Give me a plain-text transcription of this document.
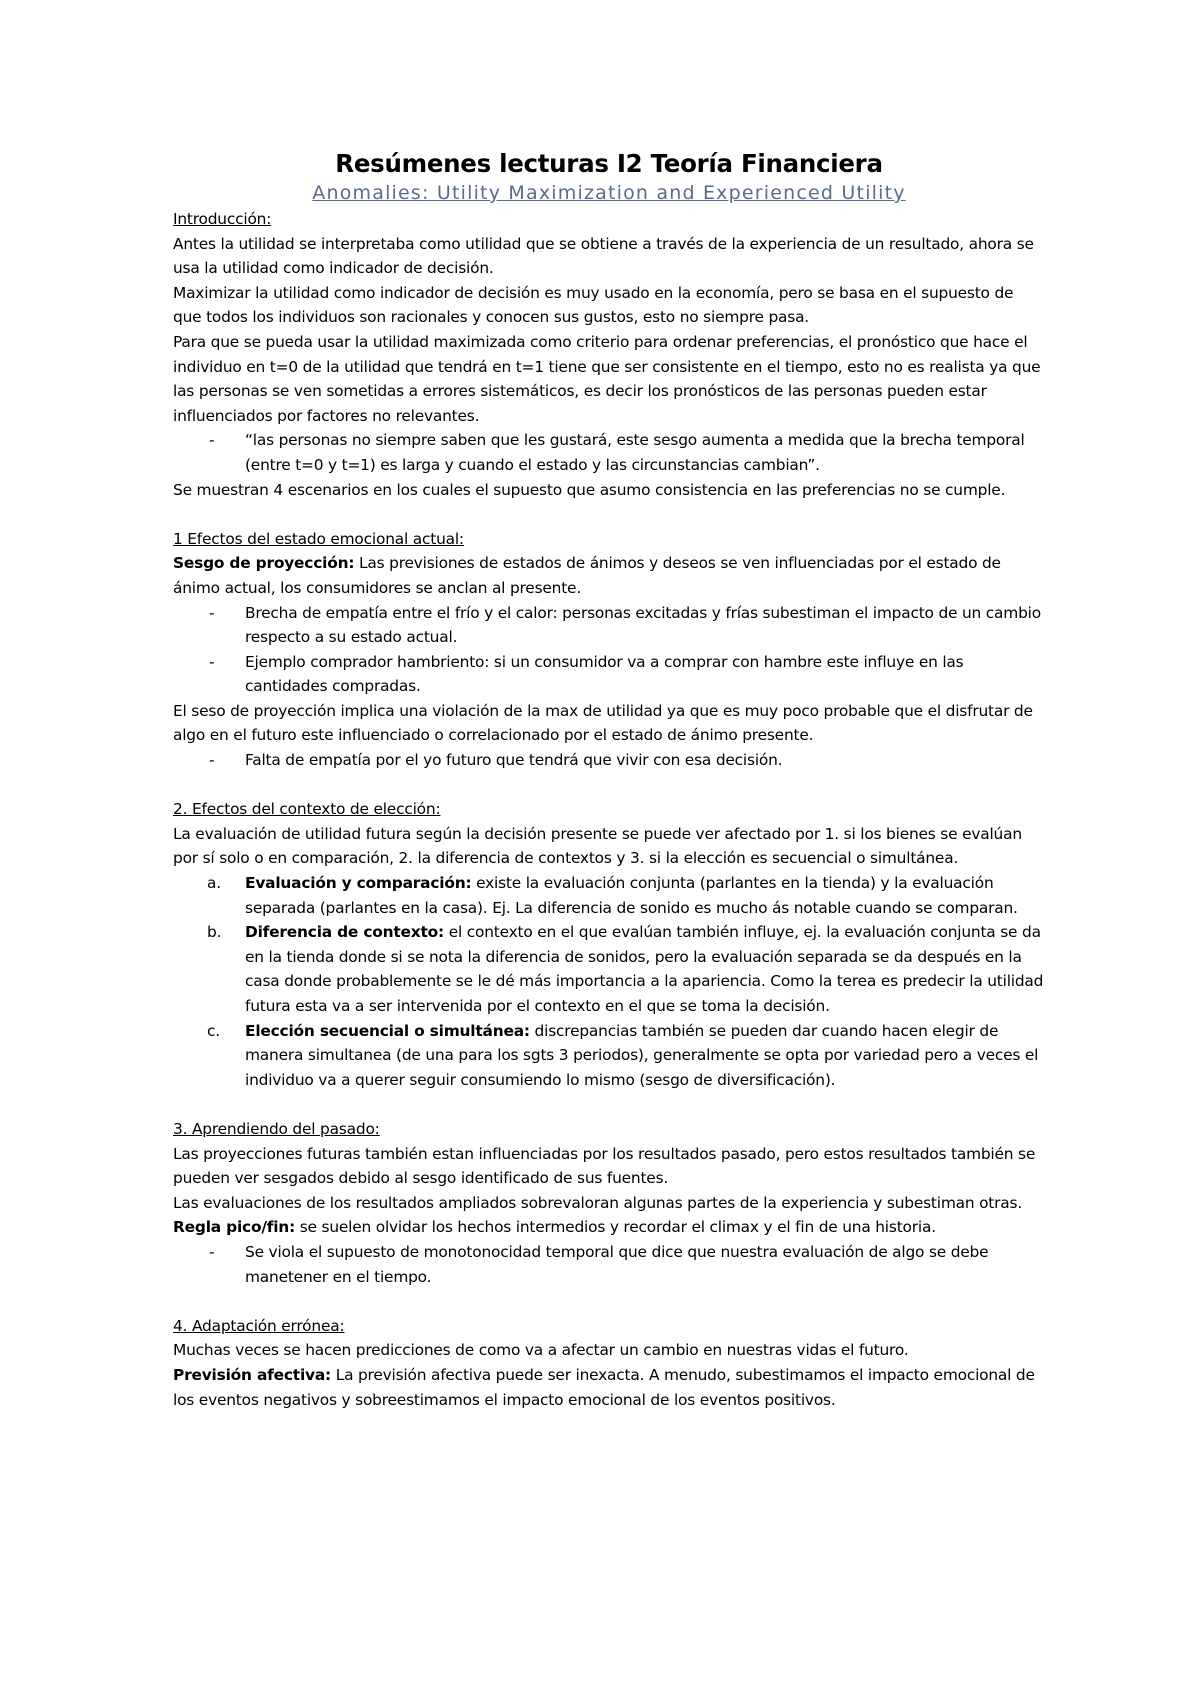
Resúmenes lecturas I2 Teoría Financiera
Anomalies: Utility Maximization and Experienced Utility

Introducción:

Antes la utilidad se interpretaba como utilidad que se obtiene a través de la experiencia de un resultado, ahora se usa la utilidad como indicador de decisión.

Maximizar la utilidad como indicador de decisión es muy usado en la economía, pero se basa en el supuesto de que todos los individuos son racionales y conocen sus gustos, esto no siempre pasa.

Para que se pueda usar la utilidad maximizada como criterio para ordenar preferencias, el pronóstico que hace el individuo en t=0 de la utilidad que tendrá en t=1 tiene que ser consistente en el tiempo, esto no es realista ya que las personas se ven sometidas a errores sistemáticos, es decir los pronósticos de las personas pueden estar influenciados por factores no relevantes.

- “las personas no siempre saben que les gustará, este sesgo aumenta a medida que la brecha temporal (entre t=0 y t=1) es larga y cuando el estado y las circunstancias cambian”.

Se muestran 4 escenarios en los cuales el supuesto que asumo consistencia en las preferencias no se cumple.

1 Efectos del estado emocional actual:

Sesgo de proyección: Las previsiones de estados de ánimos y deseos se ven influenciadas por el estado de ánimo actual, los consumidores se anclan al presente.

- Brecha de empatía entre el frío y el calor: personas excitadas y frías subestiman el impacto de un cambio respecto a su estado actual.
- Ejemplo comprador hambriento: si un consumidor va a comprar con hambre este influye en las cantidades compradas.

El seso de proyección implica una violación de la max de utilidad ya que es muy poco probable que el disfrutar de algo en el futuro este influenciado o correlacionado por el estado de ánimo presente.

- Falta de empatía por el yo futuro que tendrá que vivir con esa decisión.

2. Efectos del contexto de elección:

La evaluación de utilidad futura según la decisión presente se puede ver afectado por 1. si los bienes se evalúan por sí solo o en comparación, 2. la diferencia de contextos y 3. si la elección es secuencial o simultánea.

a. Evaluación y comparación: existe la evaluación conjunta (parlantes en la tienda) y la evaluación separada (parlantes en la casa). Ej. La diferencia de sonido es mucho ás notable cuando se comparan.
b. Diferencia de contexto: el contexto en el que evalúan también influye, ej. la evaluación conjunta se da en la tienda donde si se nota la diferencia de sonidos, pero la evaluación separada se da después en la casa donde probablemente se le dé más importancia a la apariencia. Como la terea es predecir la utilidad futura esta va a ser intervenida por el contexto en el que se toma la decisión.
c. Elección secuencial o simultánea: discrepancias también se pueden dar cuando hacen elegir de manera simultanea (de una para los sgts 3 periodos), generalmente se opta por variedad pero a veces el individuo va a querer seguir consumiendo lo mismo (sesgo de diversificación).

3. Aprendiendo del pasado:

Las proyecciones futuras también estan influenciadas por los resultados pasado, pero estos resultados también se pueden ver sesgados debido al sesgo identificado de sus fuentes.

Las evaluaciones de los resultados ampliados sobrevaloran algunas partes de la experiencia y subestiman otras.

Regla pico/fin: se suelen olvidar los hechos intermedios y recordar el climax y el fin de una historia.

- Se viola el supuesto de monotonocidad temporal que dice que nuestra evaluación de algo se debe manetener en el tiempo.

4. Adaptación errónea:

Muchas veces se hacen predicciones de como va a afectar un cambio en nuestras vidas el futuro.

Previsión afectiva: La previsión afectiva puede ser inexacta. A menudo, subestimamos el impacto emocional de los eventos negativos y sobreestimamos el impacto emocional de los eventos positivos.
